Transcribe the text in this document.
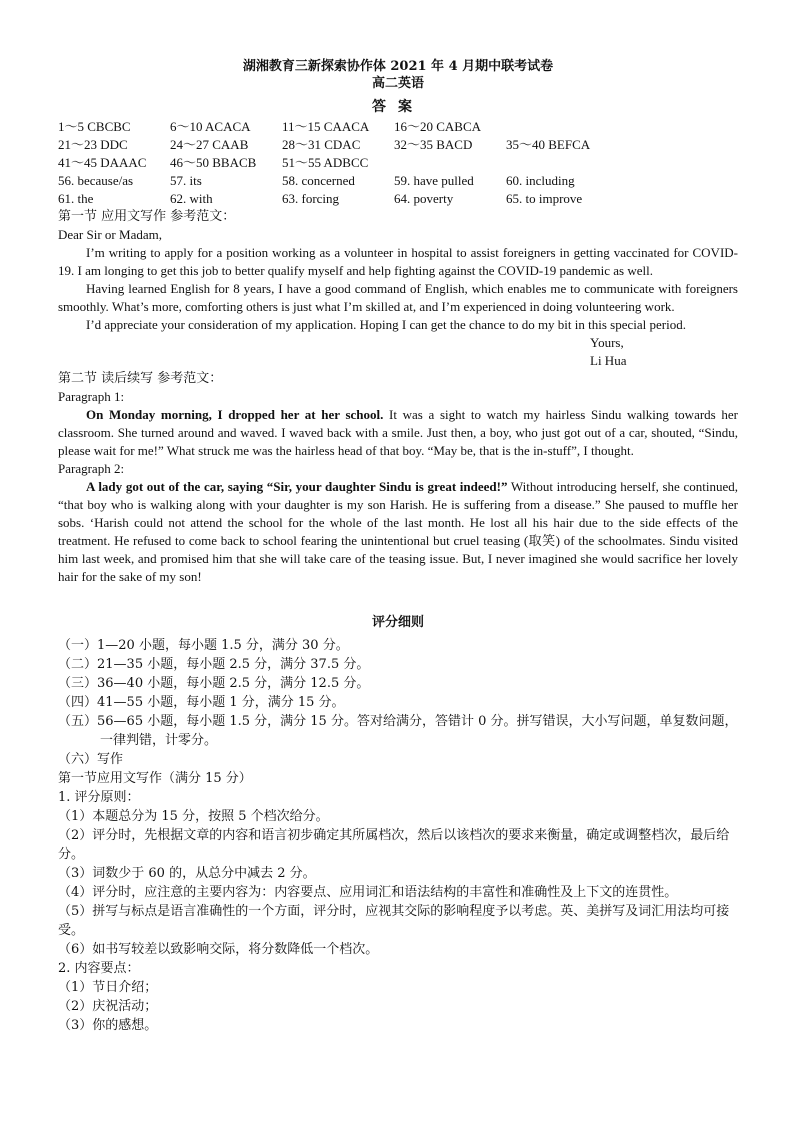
湖湘教育三新探索协作体 2021 年 4 月期中联考试卷
高二英语
答案
1～5 CBCBC	6～10 ACACA	11～15 CAACA	16～20 CABCA
21～23 DDC	24～27 CAAB	28～31 CDAC	32～35 BACD	35～40 BEFCA
41～45 DAAAC	46～50 BBACB	51～55 ADBCC
56. because/as	57. its	58. concerned	59. have pulled	60. including
61. the	62. with	63. forcing	64. poverty	65. to improve
第一节 应用文写作 参考范文：
Dear Sir or Madam,

I’m writing to apply for a position working as a volunteer in hospital to assist foreigners in getting vaccinated for COVID-19. I am longing to get this job to better qualify myself and help fighting against the COVID-19 pandemic as well.

Having learned English for 8 years, I have a good command of English, which enables me to communicate with foreigners smoothly. What’s more, comforting others is just what I’m skilled at, and I’m experienced in doing volunteering work.

I’d appreciate your consideration of my application. Hoping I can get the chance to do my bit in this special period.

Yours,
Li Hua
第二节 读后续写 参考范文：
Paragraph 1:

On Monday morning, I dropped her at her school. It was a sight to watch my hairless Sindu walking towards her classroom. She turned around and waved. I waved back with a smile. Just then, a boy, who just got out of a car, shouted, “Sindu, please wait for me!” What struck me was the hairless head of that boy. “May be, that is the in-stuff”, I thought.

Paragraph 2:

A lady got out of the car, saying “Sir, your daughter Sindu is great indeed!” Without introducing herself, she continued, “that boy who is walking along with your daughter is my son Harish. He is suffering from a disease.” She paused to muffle her sobs. ‘Harish could not attend the school for the whole of the last month. He lost all his hair due to the side effects of the treatment. He refused to come back to school fearing the unintentional but cruel teasing (取笑) of the schoolmates. Sindu visited him last week, and promised him that she will take care of the teasing issue. But, I never imagined she would sacrifice her lovely hair for the sake of my son!

评分细则

（一）1—20 小题，每小题 1.5 分，满分 30 分。

（二）21—35 小题，每小题 2.5 分，满分 37.5 分。

（三）36—40 小题，每小题 2.5 分，满分 12.5 分。

（四）41—55 小题，每小题 1 分，满分 15 分。

（五）56—65 小题，每小题 1.5 分，满分 15 分。答对给满分，答错计 0 分。拼写错误，大小写问题，单复数问题，一律判错，计零分。

（六）写作

第一节应用文写作（满分 15 分）

1. 评分原则：

（1）本题总分为 15 分，按照 5 个档次给分。

（2）评分时，先根据文章的内容和语言初步确定其所属档次，然后以该档次的要求来衡量，确定或调整档次，最后给分。

（3）词数少于 60 的，从总分中减去 2 分。

（4）评分时，应注意的主要内容为：内容要点、应用词汇和语法结构的丰富性和准确性及上下文的连贯性。

（5）拼写与标点是语言准确性的一个方面，评分时，应视其交际的影响程度予以考虑。英、美拼写及词汇用法均可接受。

（6）如书写较差以致影响交际，将分数降低一个档次。

2. 内容要点：

（1）节日介绍；

（2）庆祝活动；

（3）你的感想。
